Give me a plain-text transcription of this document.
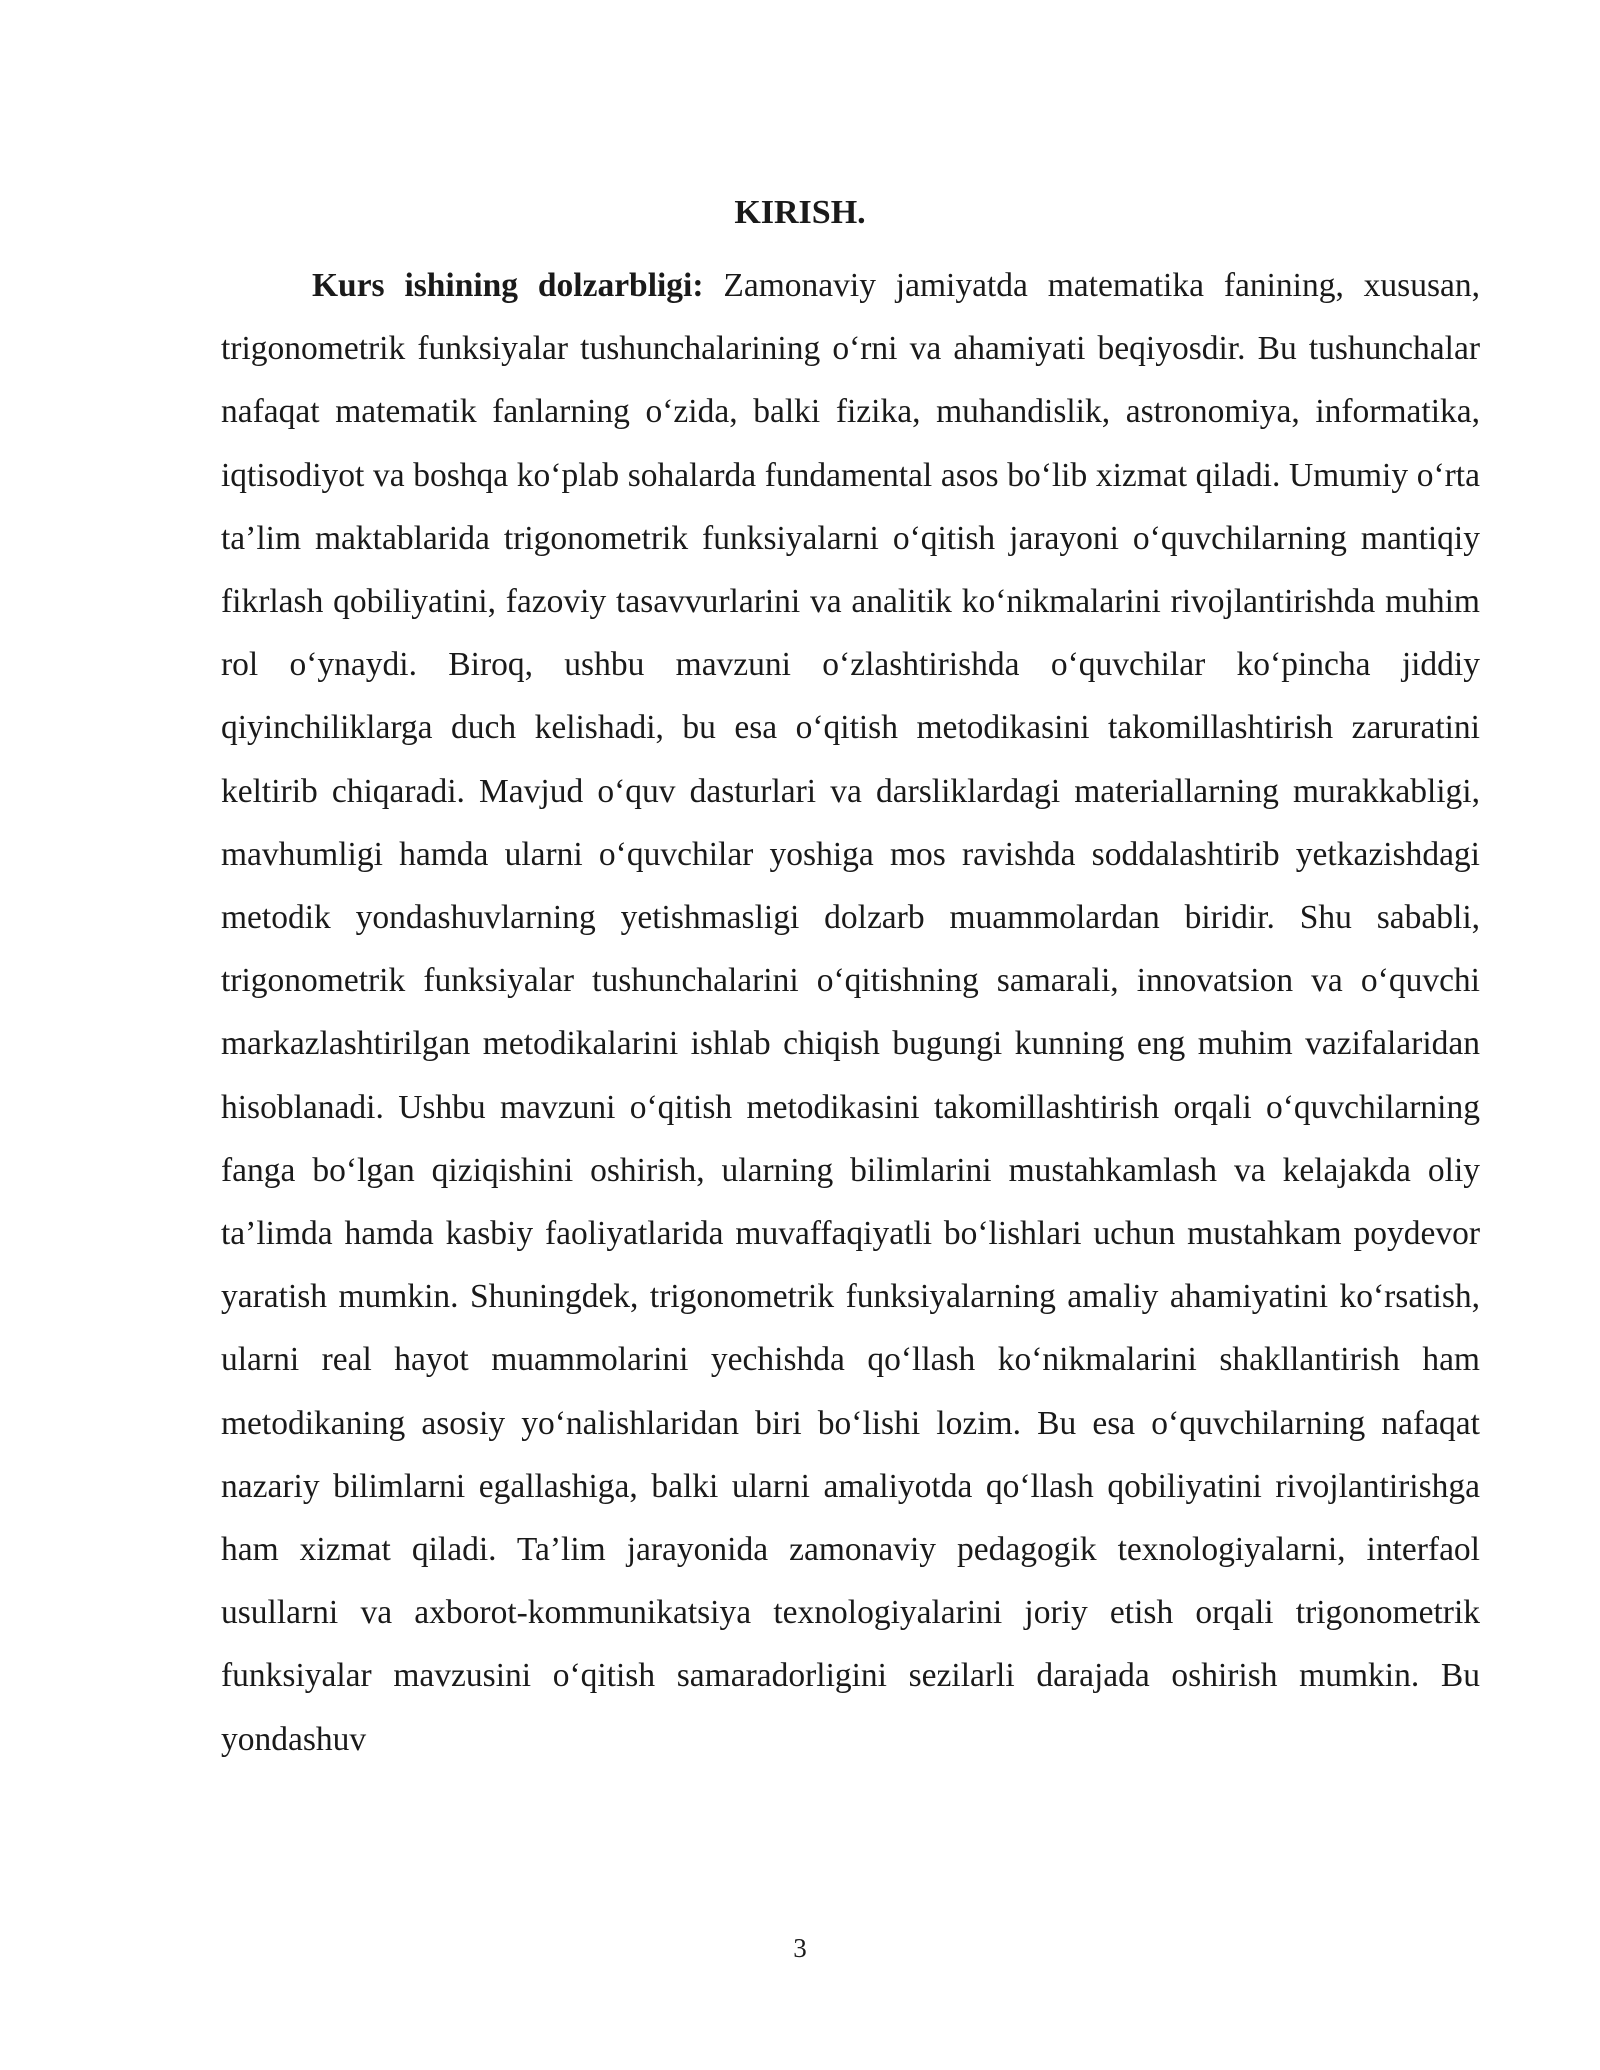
KIRISH.

Kurs ishining dolzarbligi: Zamonaviy jamiyatda matematika fanining, xususan, trigonometrik funksiyalar tushunchalarining o‘rni va ahamiyati beqiyosdir. Bu tushunchalar nafaqat matematik fanlarning o‘zida, balki fizika, muhandislik, astronomiya, informatika, iqtisodiyot va boshqa ko‘plab sohalarda fundamental asos bo‘lib xizmat qiladi. Umumiy o‘rta ta’lim maktablarida trigonometrik funksiyalarni o‘qitish jarayoni o‘quvchilarning mantiqiy fikrlash qobiliyatini, fazoviy tasavvurlarini va analitik ko‘nikmalarini rivojlantirishda muhim rol o‘ynaydi. Biroq, ushbu mavzuni o‘zlashtirishda o‘quvchilar ko‘pincha jiddiy qiyinchiliklarga duch kelishadi, bu esa o‘qitish metodikasini takomillashtirish zaruratini keltirib chiqaradi. Mavjud o‘quv dasturlari va darsliklardagi materiallarning murakkabligi, mavhumligi hamda ularni o‘quvchilar yoshiga mos ravishda soddalashtirib yetkazishdagi metodik yondashuvlarning yetishmasligi dolzarb muammolardan biridir. Shu sababli, trigonometrik funksiyalar tushunchalarini o‘qitishning samarali, innovatsion va o‘quvchi markazlashtirilgan metodikalarini ishlab chiqish bugungi kunning eng muhim vazifalaridan hisoblanadi. Ushbu mavzuni o‘qitish metodikasini takomillashtirish orqali o‘quvchilarning fanga bo‘lgan qiziqishini oshirish, ularning bilimlarini mustahkamlash va kelajakda oliy ta’limda hamda kasbiy faoliyatlarida muvaffaqiyatli bo‘lishlari uchun mustahkam poydevor yaratish mumkin. Shuningdek, trigonometrik funksiyalarning amaliy ahamiyatini ko‘rsatish, ularni real hayot muammolarini yechishda qo‘llash ko‘nikmalarini shakllantirish ham metodikaning asosiy yo‘nalishlaridan biri bo‘lishi lozim. Bu esa o‘quvchilarning nafaqat nazariy bilimlarni egallashiga, balki ularni amaliyotda qo‘llash qobiliyatini rivojlantirishga ham xizmat qiladi. Ta’lim jarayonida zamonaviy pedagogik texnologiyalarni, interfaol usullarni va axborot-kommunikatsiya texnologiyalarini joriy etish orqali trigonometrik funksiyalar mavzusini o‘qitish samaradorligini sezilarli darajada oshirish mumkin. Bu yondashuv

3
